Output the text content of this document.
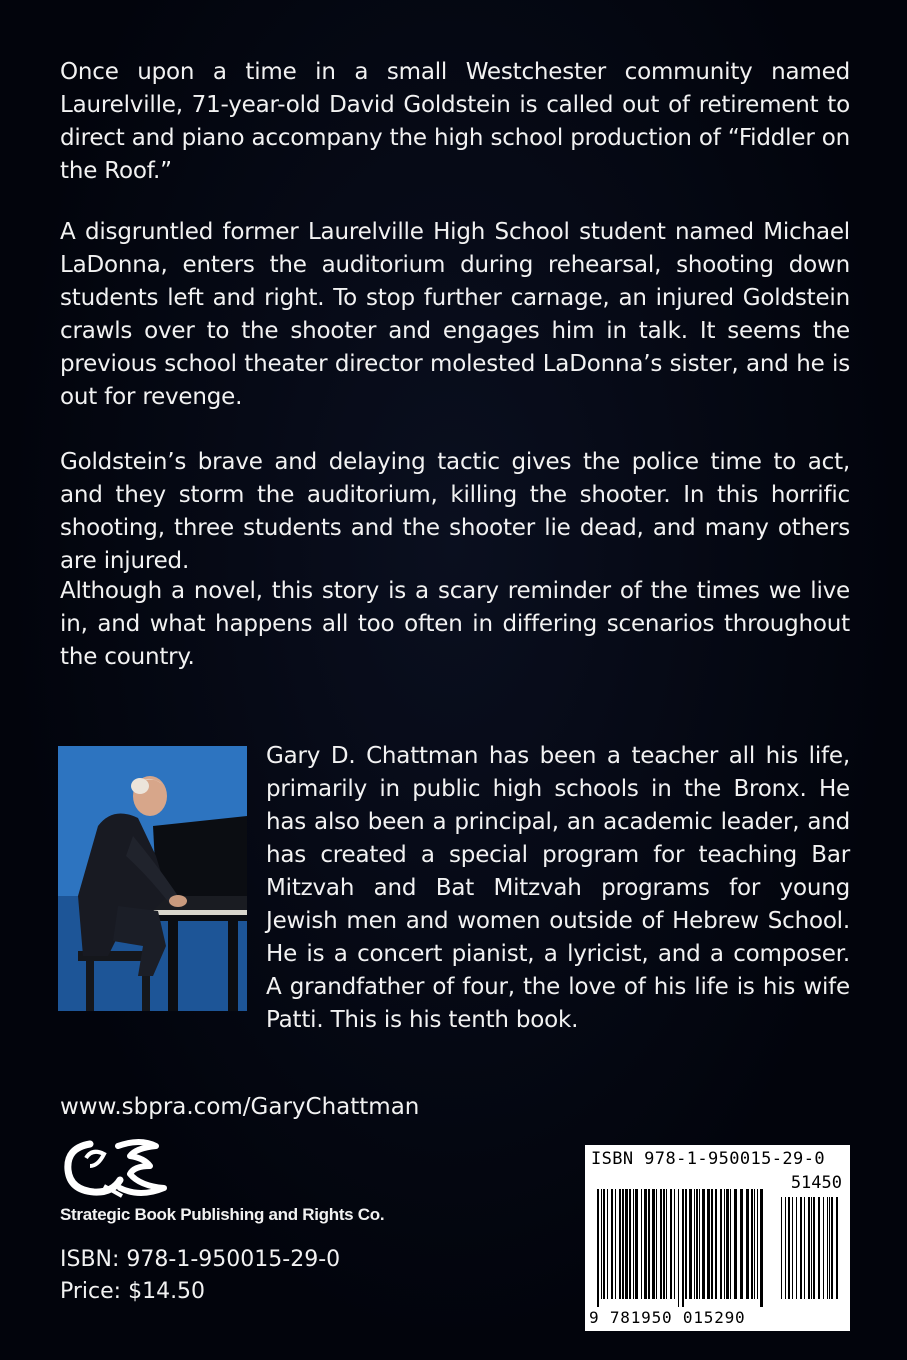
Once upon a time in a small Westchester community named Laurelville, 71-year-old David Goldstein is called out of retirement to direct and piano accompany the high school production of “Fiddler on the Roof.”

A disgruntled former Laurelville High School student named Michael LaDonna, enters the auditorium during rehearsal, shooting down students left and right. To stop further carnage, an injured Goldstein crawls over to the shooter and engages him in talk. It seems the previous school theater director molested LaDonna’s sister, and he is out for revenge.

Goldstein’s brave and delaying tactic gives the police time to act, and they storm the auditorium, killing the shooter. In this horrific shooting, three students and the shooter lie dead, and many others are injured.

Although a novel, this story is a scary reminder of the times we live in, and what happens all too often in differing scenarios throughout the country.

Gary D. Chattman has been a teacher all his life, primarily in public high schools in the Bronx. He has also been a principal, an academic leader, and has created a special program for teaching Bar Mitzvah and Bat Mitzvah programs for young Jewish men and women outside of Hebrew School. He is a concert pianist, a lyricist, and a composer. A grandfather of four, the love of his life is his wife Patti. This is his tenth book.

www.sbpra.com/GaryChattman
Strategic Book Publishing and Rights Co.
ISBN: 978-1-950015-29-0
Price: $14.50
ISBN 978-1-950015-29-0
51450
9 781950 015290
